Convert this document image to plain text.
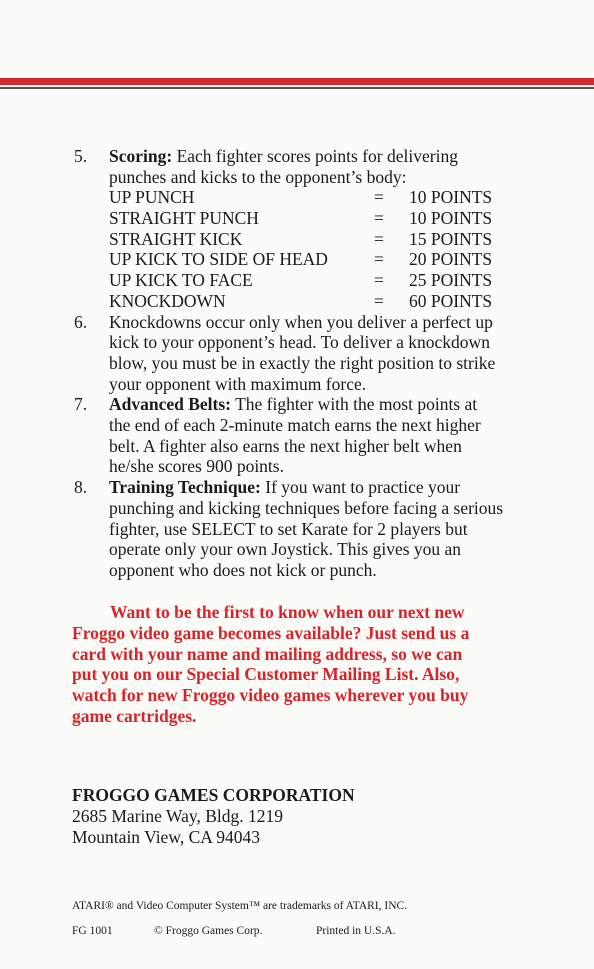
5. Scoring: Each fighter scores points for delivering
punches and kicks to the opponent’s body:
UP PUNCH	=	10 POINTS
STRAIGHT PUNCH	=	10 POINTS
STRAIGHT KICK	=	15 POINTS
UP KICK TO SIDE OF HEAD	=	20 POINTS
UP KICK TO FACE	=	25 POINTS
KNOCKDOWN	=	60 POINTS
6. Knockdowns occur only when you deliver a perfect up
kick to your opponent’s head. To deliver a knockdown
blow, you must be in exactly the right position to strike
your opponent with maximum force.
7. Advanced Belts: The fighter with the most points at
the end of each 2-minute match earns the next higher
belt. A fighter also earns the next higher belt when
he/she scores 900 points.
8. Training Technique: If you want to practice your
punching and kicking techniques before facing a serious
fighter, use SELECT to set Karate for 2 players but
operate only your own Joystick. This gives you an
opponent who does not kick or punch.
Want to be the first to know when our next new
Froggo video game becomes available? Just send us a
card with your name and mailing address, so we can
put you on our Special Customer Mailing List. Also,
watch for new Froggo video games wherever you buy
game cartridges.
FROGGO GAMES CORPORATION
2685 Marine Way, Bldg. 1219
Mountain View, CA 94043
ATARI® and Video Computer System™ are trademarks of ATARI, INC.
FG 1001	© Froggo Games Corp.	Printed in U.S.A.
